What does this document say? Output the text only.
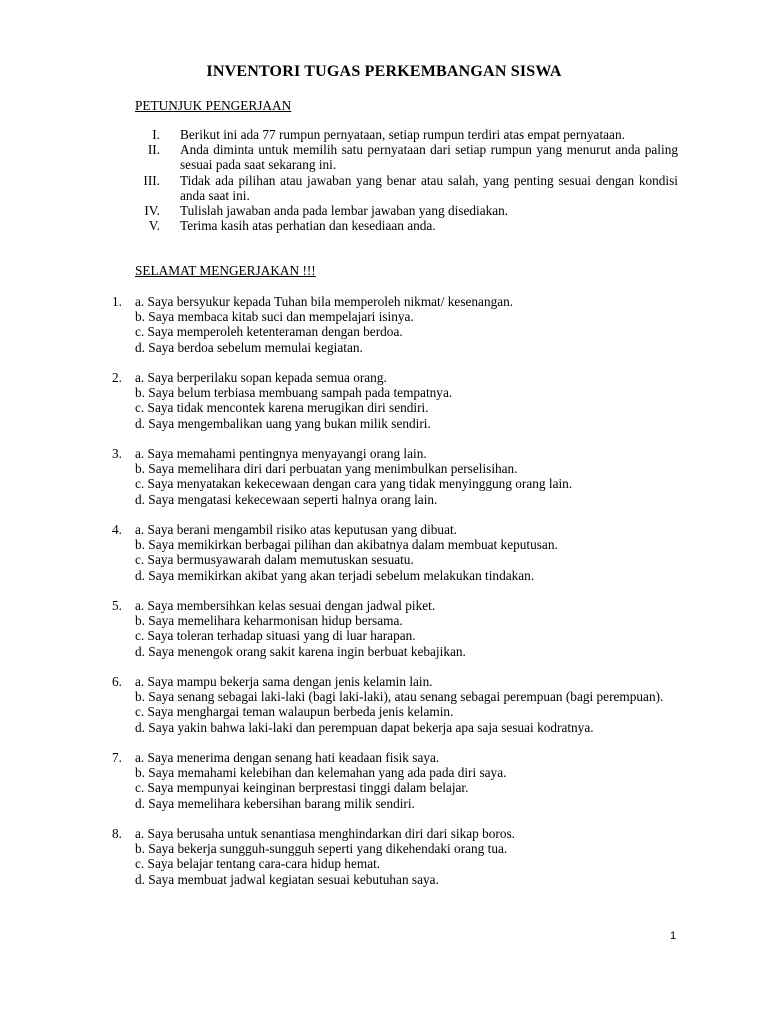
INVENTORI TUGAS PERKEMBANGAN SISWA
PETUNJUK PENGERJAAN
I.	Berikut ini ada 77 rumpun pernyataan, setiap rumpun terdiri atas empat pernyataan.
II.	Anda diminta untuk memilih satu pernyataan dari setiap rumpun yang menurut anda paling sesuai pada saat sekarang ini.
III.	Tidak ada pilihan atau jawaban yang benar atau salah, yang penting sesuai dengan kondisi anda saat ini.
IV.	Tulislah jawaban anda pada lembar jawaban yang disediakan.
V.	Terima kasih atas perhatian dan kesediaan anda.
SELAMAT MENGERJAKAN !!!
1. a. Saya bersyukur kepada Tuhan bila memperoleh nikmat/ kesenangan.
b. Saya membaca kitab suci dan mempelajari isinya.
c. Saya memperoleh ketenteraman dengan berdoa.
d. Saya berdoa sebelum memulai kegiatan.
2. a. Saya berperilaku sopan kepada semua orang.
b. Saya belum terbiasa membuang sampah pada tempatnya.
c. Saya tidak mencontek karena merugikan diri sendiri.
d. Saya mengembalikan uang yang bukan milik sendiri.
3. a. Saya memahami pentingnya menyayangi orang lain.
b. Saya memelihara diri dari perbuatan yang menimbulkan perselisihan.
c. Saya menyatakan kekecewaan dengan cara yang tidak menyinggung orang lain.
d. Saya mengatasi kekecewaan seperti halnya orang lain.
4. a. Saya berani mengambil risiko atas keputusan yang dibuat.
b. Saya memikirkan berbagai pilihan dan akibatnya dalam membuat keputusan.
c. Saya bermusyawarah dalam memutuskan sesuatu.
d. Saya memikirkan akibat yang akan terjadi sebelum melakukan tindakan.
5. a. Saya membersihkan kelas sesuai dengan jadwal piket.
b. Saya memelihara keharmonisan hidup bersama.
c. Saya toleran terhadap situasi yang di luar harapan.
d. Saya menengok orang sakit karena ingin berbuat kebajikan.
6. a. Saya mampu bekerja sama dengan jenis kelamin lain.
b. Saya senang sebagai laki-laki (bagi laki-laki), atau senang sebagai perempuan (bagi perempuan).
c. Saya menghargai teman walaupun berbeda jenis kelamin.
d. Saya yakin bahwa laki-laki dan perempuan dapat bekerja apa saja sesuai kodratnya.
7. a. Saya menerima dengan senang hati keadaan fisik saya.
b. Saya memahami kelebihan dan kelemahan yang ada pada diri saya.
c. Saya mempunyai keinginan berprestasi tinggi dalam belajar.
d. Saya memelihara kebersihan barang milik sendiri.
8. a. Saya berusaha untuk senantiasa menghindarkan diri dari sikap boros.
b. Saya bekerja sungguh-sungguh seperti yang dikehendaki orang tua.
c. Saya belajar tentang cara-cara hidup hemat.
d. Saya membuat jadwal kegiatan sesuai kebutuhan saya.
1
